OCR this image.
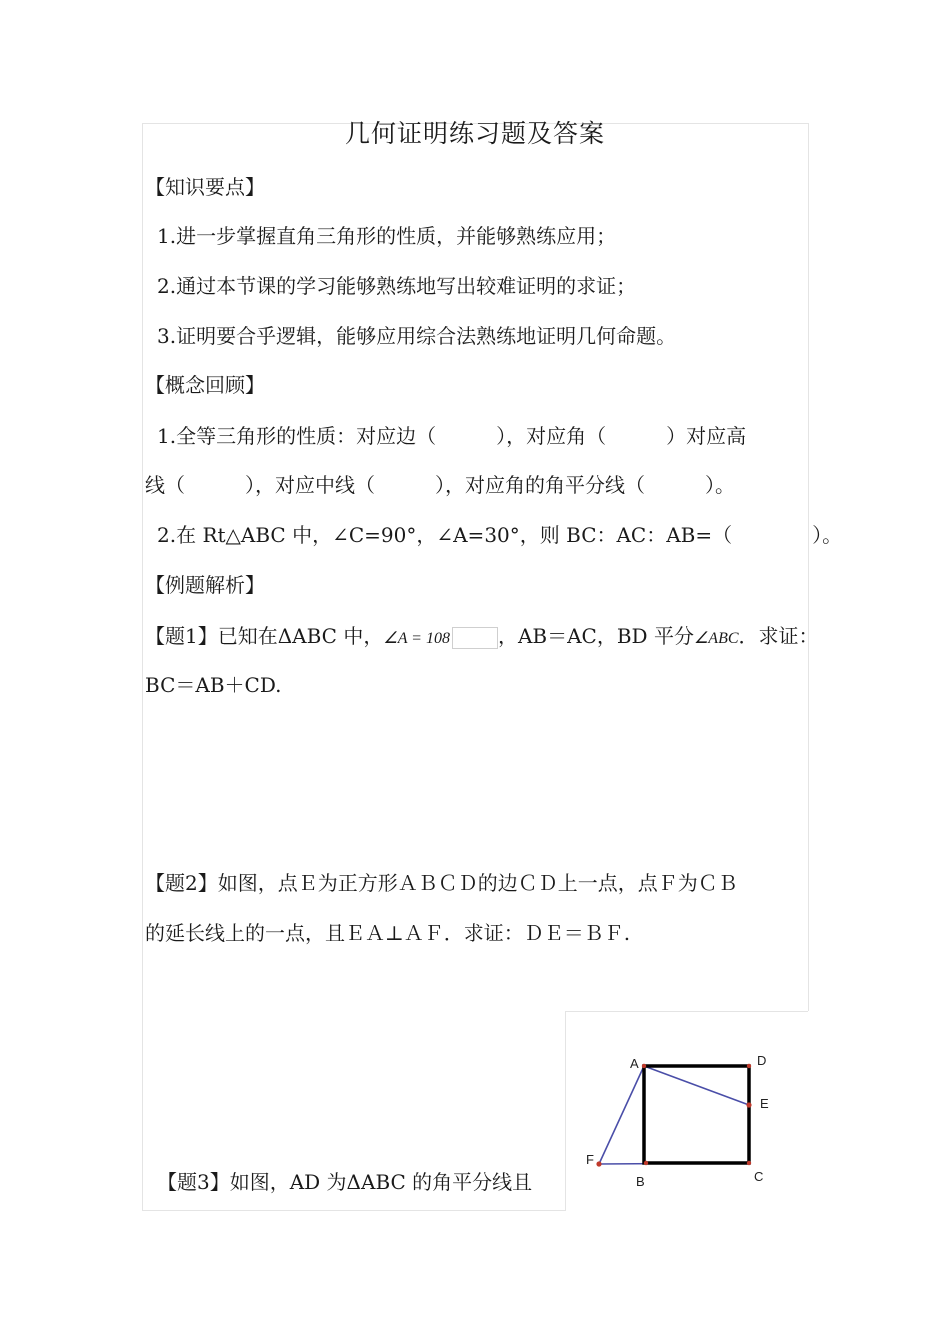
几何证明练习题及答案
【知识要点】
1.进一步掌握直角三角形的性质，并能够熟练应用；
2.通过本节课的学习能够熟练地写出较难证明的求证；
3.证明要合乎逻辑，能够应用综合法熟练地证明几何命题。
【概念回顾】
1.全等三角形的性质：对应边（　　　），对应角（　　　）对应高
线（　　　），对应中线（　　　），对应角的角平分线（　　　）。
2.在 Rt△ABC 中，∠C=90°，∠A=30°，则 BC：AC：AB=（　　　　）。
【例题解析】
【题1】已知在ΔABC 中，∠A = 108 ，AB＝AC，BD 平分∠ABC．求证：
BC＝AB＋CD.
【题2】如图，点Ｅ为正方形ＡＢＣＤ的边ＣＤ上一点，点Ｆ为ＣＢ
的延长线上的一点，且ＥＡ⊥ＡＦ．求证：ＤＥ＝ＢＦ.
【题3】如图，AD 为ΔABC 的角平分线且
A	D
E
C
B
F
